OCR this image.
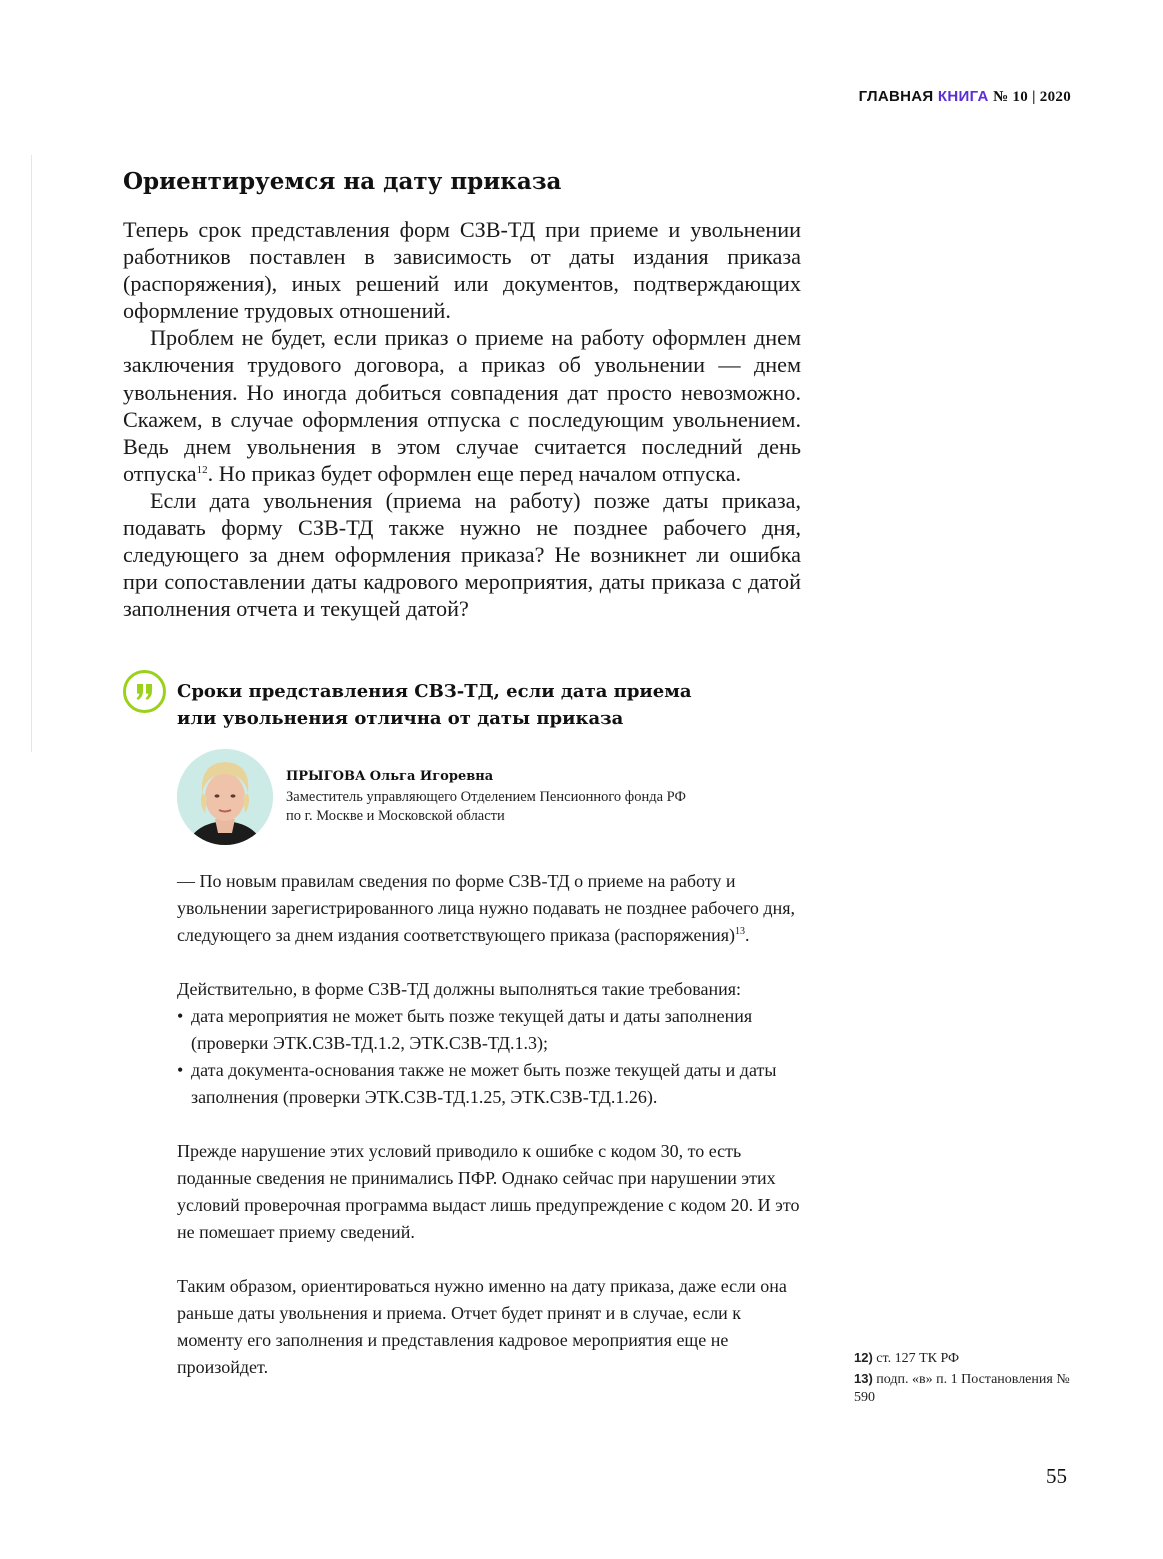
ГЛАВНАЯ КНИГА № 10 | 2020
Ориентируемся на дату приказа

Теперь срок представления форм СЗВ-ТД при приеме и увольнении работников поставлен в зависимость от даты издания приказа (распоряжения), иных решений или документов, подтверждающих оформление трудовых отношений.

Проблем не будет, если приказ о приеме на работу оформлен днем заключения трудового договора, а приказ об увольнении — днем увольнения. Но иногда добиться совпадения дат просто невозможно. Скажем, в случае оформления отпуска с последующим увольнением. Ведь днем увольнения в этом случае считается последний день отпуска$^{12}$. Но приказ будет оформлен еще перед началом отпуска.

Если дата увольнения (приема на работу) позже даты приказа, подавать форму СЗВ-ТД также нужно не позднее рабочего дня, следующего за днем оформления приказа? Не возникнет ли ошибка при сопоставлении даты кадрового мероприятия, даты приказа с датой заполнения отчета и текущей датой?

Сроки представления СВЗ-ТД, если дата приема или увольнения отлична от даты приказа
ПРЫГОВА Ольга Игоревна
Заместитель управляющего Отделением Пенсионного фонда РФ
по г. Москве и Московской области

— По новым правилам сведения по форме СЗВ-ТД о приеме на работу и увольнении зарегистрированного лица нужно подавать не позднее рабочего дня, следующего за днем издания соответствующего приказа (распоряжения)$^{13}$.

Действительно, в форме СЗВ-ТД должны выполняться такие требования:

• дата мероприятия не может быть позже текущей даты и даты заполнения (проверки ЭТК.СЗВ-ТД.1.2, ЭТК.СЗВ-ТД.1.3);
• дата документа-основания также не может быть позже текущей даты и даты заполнения (проверки ЭТК.СЗВ-ТД.1.25, ЭТК.СЗВ-ТД.1.26).

Прежде нарушение этих условий приводило к ошибке с кодом 30, то есть поданные сведения не принимались ПФР. Однако сейчас при нарушении этих условий проверочная программа выдаст лишь предупреждение с кодом 20. И это не помешает приему сведений.

Таким образом, ориентироваться нужно именно на дату приказа, даже если она раньше даты увольнения и приема. Отчет будет принят и в случае, если к моменту его заполнения и представления кадровое мероприятия еще не произойдет.	12) ст. 127 ТК РФ

13) подп. «в» п. 1 Постановления № 590

55
